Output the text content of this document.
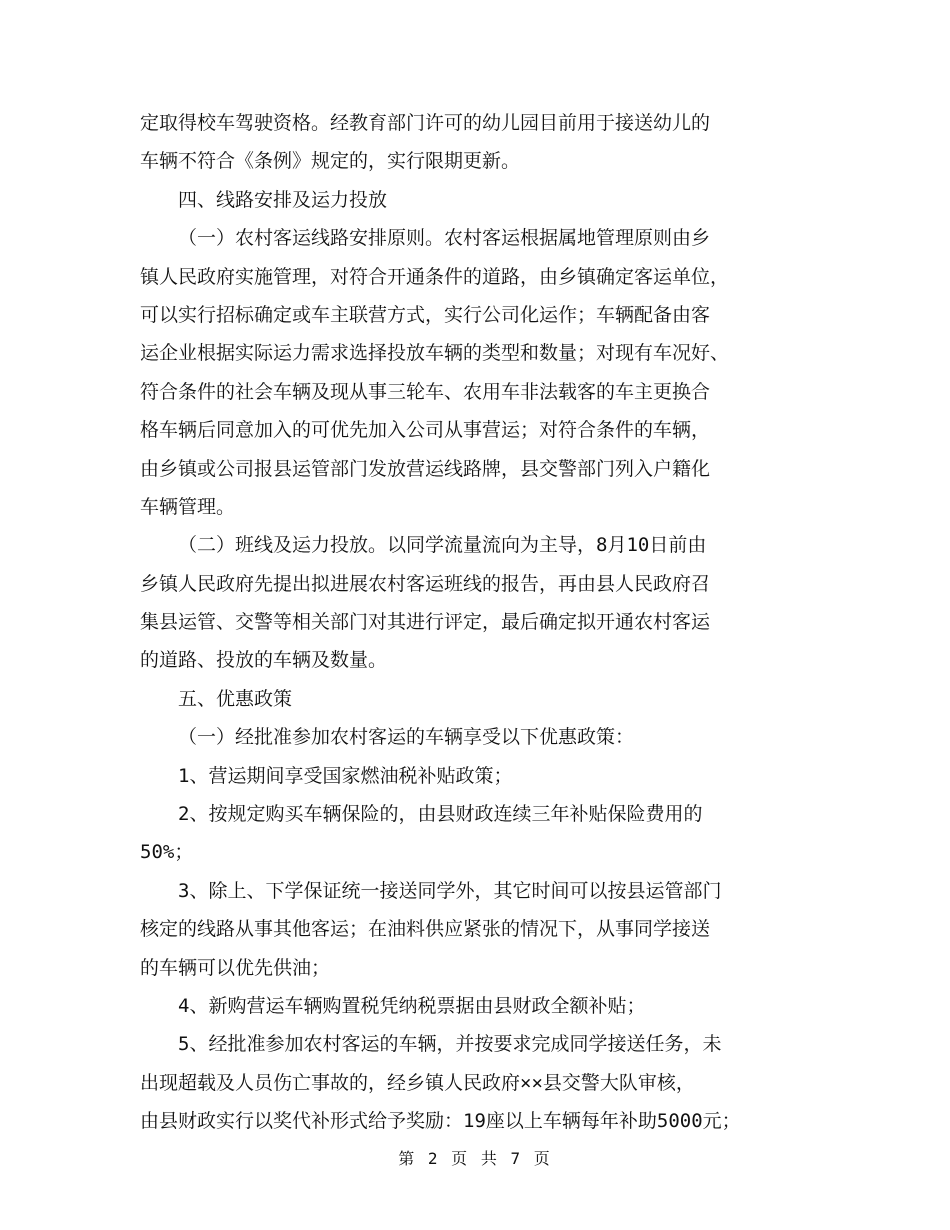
定取得校车驾驶资格。经教育部门许可的幼儿园目前用于接送幼儿的
车辆不符合《条例》规定的，实行限期更新。
四、线路安排及运力投放
（一）农村客运线路安排原则。农村客运根据属地管理原则由乡
镇人民政府实施管理，对符合开通条件的道路，由乡镇确定客运单位，
可以实行招标确定或车主联营方式，实行公司化运作；车辆配备由客
运企业根据实际运力需求选择投放车辆的类型和数量；对现有车况好、
符合条件的社会车辆及现从事三轮车、农用车非法载客的车主更换合
格车辆后同意加入的可优先加入公司从事营运；对符合条件的车辆，
由乡镇或公司报县运管部门发放营运线路牌，县交警部门列入户籍化
车辆管理。
（二）班线及运力投放。以同学流量流向为主导，8月10日前由
乡镇人民政府先提出拟进展农村客运班线的报告，再由县人民政府召
集县运管、交警等相关部门对其进行评定，最后确定拟开通农村客运
的道路、投放的车辆及数量。
五、优惠政策
（一）经批准参加农村客运的车辆享受以下优惠政策：
1、营运期间享受国家燃油税补贴政策；
2、按规定购买车辆保险的，由县财政连续三年补贴保险费用的
50%；
3、除上、下学保证统一接送同学外，其它时间可以按县运管部门
核定的线路从事其他客运；在油料供应紧张的情况下，从事同学接送
的车辆可以优先供油；
4、新购营运车辆购置税凭纳税票据由县财政全额补贴；
5、经批准参加农村客运的车辆，并按要求完成同学接送任务，未
出现超载及人员伤亡事故的，经乡镇人民政府××县交警大队审核，
由县财政实行以奖代补形式给予奖励：19座以上车辆每年补助5000元；
第 2 页 共 7 页
